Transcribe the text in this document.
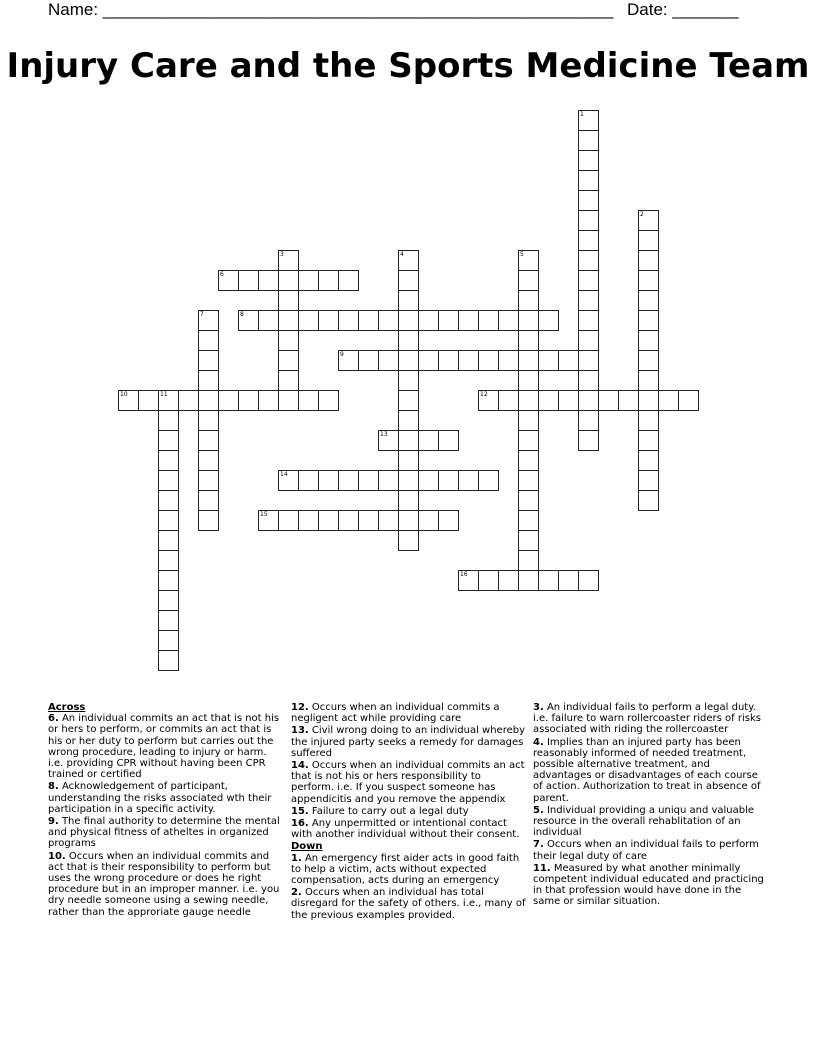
Name: ______________________________________________________ Date: _______
Injury Care and the Sports Medicine Team
1
2
3	4	5
6
7	8
9
10	11	12
13
14
15
16
Across
6. An individual commits an act that is not his or hers to perform, or commits an act that is his or her duty to perform but carries out the wrong procedure, leading to injury or harm. i.e. providing CPR without having been CPR trained or certified
8. Acknowledgement of participant, understanding the risks associated wth their participation in a specific activity.
9. The final authority to determine the mental and physical fitness of atheltes in organized programs
10. Occurs when an individual commits and act that is their responsibility to perform but uses the wrong procedure or does he right procedure but in an improper manner. i.e. you dry needle someone using a sewing needle, rather than the approriate gauge needle
12. Occurs when an individual commits a negligent act while providing care
13. Civil wrong doing to an individual whereby the injured party seeks a remedy for damages suffered
14. Occurs when an individual commits an act that is not his or hers responsibility to perform. i.e. If you suspect someone has appendicitis and you remove the appendix
15. Failure to carry out a legal duty
16. Any unpermitted or intentional contact with another individual without their consent.
Down
1. An emergency first aider acts in good faith to help a victim, acts without expected compensation, acts during an emergency
2. Occurs when an individual has total disregard for the safety of others. i.e., many of the previous examples provided.
3. An individual fails to perform a legal duty. i.e. failure to warn rollercoaster riders of risks associated with riding the rollercoaster
4. Implies than an injured party has been reasonably informed of needed treatment, possible alternative treatment, and advantages or disadvantages of each course of action. Authorization to treat in absence of parent.
5. Individual providing a uniqu and valuable resource in the overall rehablitation of an individual
7. Occurs when an individual fails to perform their legal duty of care
11. Measured by what another minimally competent individual educated and practicing in that profession would have done in the same or similar situation.
